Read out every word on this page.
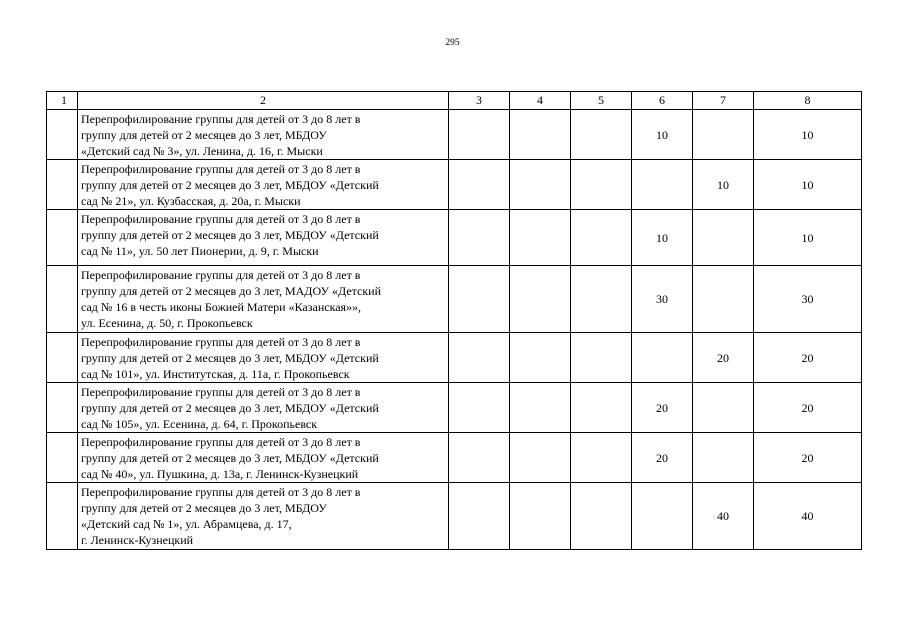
295
1	2	3	4	5	6	7	8

	Перепрофилирование группы для детей от 3 до 8 лет в
группу для детей от 2 месяцев до 3 лет, МБДОУ
«Детский сад № 3», ул. Ленина, д. 16, г. Мыски				10		10

	Перепрофилирование группы для детей от 3 до 8 лет в
группу для детей от 2 месяцев до 3 лет, МБДОУ «Детский
сад № 21», ул. Кузбасская, д. 20а, г. Мыски					10	10

	Перепрофилирование группы для детей от 3 до 8 лет в
группу для детей от 2 месяцев до 3 лет, МБДОУ «Детский
сад № 11», ул. 50 лет Пионерии, д. 9, г. Мыски				10		10

	Перепрофилирование группы для детей от 3 до 8 лет в
группу для детей от 2 месяцев до 3 лет, МАДОУ «Детский
сад № 16 в честь иконы Божией Матери «Казанская»»,
ул. Есенина, д. 50, г. Прокопьевск				30		30

	Перепрофилирование группы для детей от 3 до 8 лет в
группу для детей от 2 месяцев до 3 лет, МБДОУ «Детский
сад № 101», ул. Институтская, д. 11а, г. Прокопьевск					20	20

	Перепрофилирование группы для детей от 3 до 8 лет в
группу для детей от 2 месяцев до 3 лет, МБДОУ «Детский
сад № 105», ул. Есенина, д. 64, г. Прокопьевск				20		20

	Перепрофилирование группы для детей от 3 до 8 лет в
группу для детей от 2 месяцев до 3 лет, МБДОУ «Детский
сад № 40», ул. Пушкина, д. 13а, г. Ленинск-Кузнецкий				20		20

	Перепрофилирование группы для детей от 3 до 8 лет в
группу для детей от 2 месяцев до 3 лет, МБДОУ
«Детский сад № 1», ул. Абрамцева, д. 17,
г. Ленинск-Кузнецкий					40	40
